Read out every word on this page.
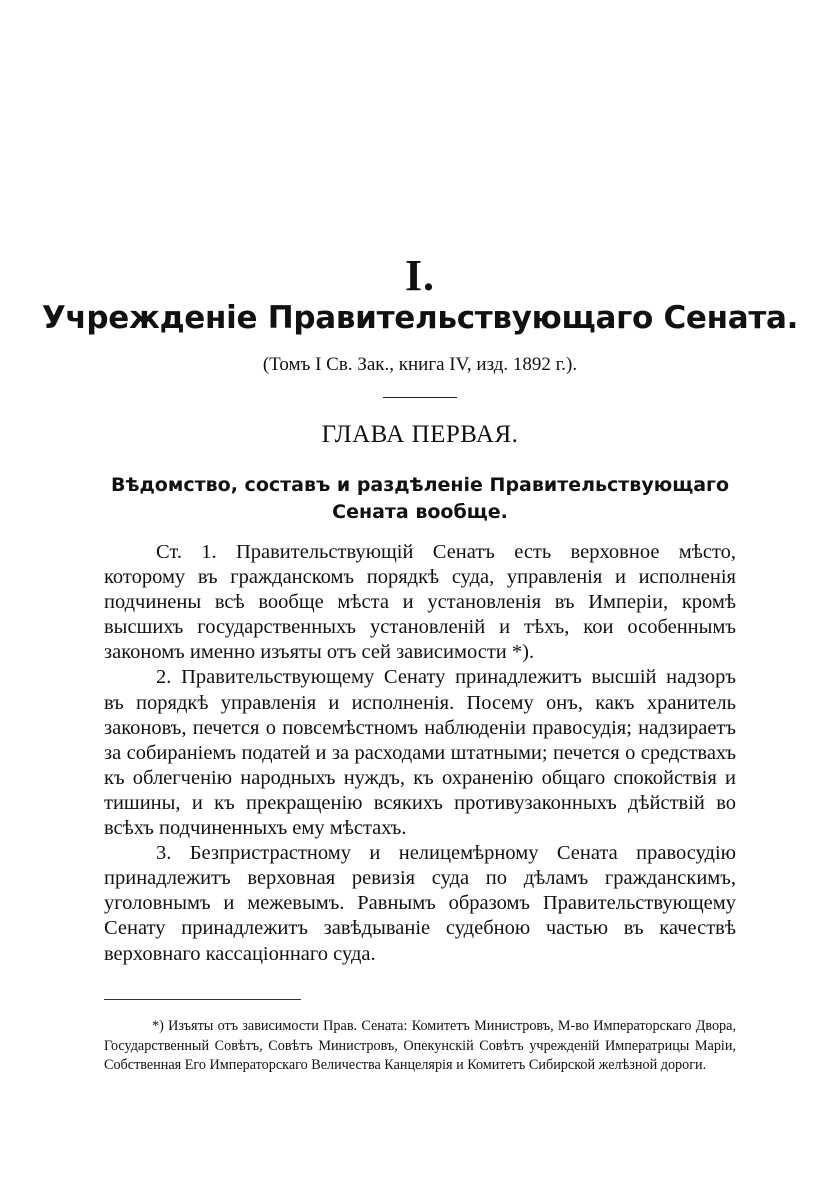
I.
Учрежденіе Правительствующаго Сената.
(Томъ I Св. Зак., книга IV, изд. 1892 г.).
ГЛАВА ПЕРВАЯ.
Вѣдомство, составъ и раздѣленіе Правительствующаго Сената вообще.

Ст. 1. Правительствующій Сенатъ есть верховное мѣсто, которому въ гражданскомъ порядкѣ суда, управленія и исполненія подчинены всѣ вообще мѣста и установленія въ Имперіи, кромѣ высшихъ государственныхъ установленій и тѣхъ, кои особеннымъ закономъ именно изъяты отъ сей зависимости *).

2. Правительствующему Сенату принадлежитъ высшій надзоръ въ порядкѣ управленія и исполненія. Посему онъ, какъ хранитель законовъ, печется о повсемѣстномъ наблюденіи правосудія; надзираетъ за собираніемъ податей и за расходами штатными; печется о средствахъ къ облегченію народныхъ нуждъ, къ охраненію общаго спокойствія и тишины, и къ прекращенію всякихъ противузаконныхъ дѣйствій во всѣхъ подчиненныхъ ему мѣстахъ.

3. Безпристрастному и нелицемѣрному Сената правосудію принадлежитъ верховная ревизія суда по дѣламъ гражданскимъ, уголовнымъ и межевымъ. Равнымъ образомъ Правительствующему Сенату принадлежитъ завѣдываніе судебною частью въ качествѣ верховнаго кассаціоннаго суда.

*) Изъяты отъ зависимости Прав. Сената: Комитетъ Министровъ, М-во Императорскаго Двора, Государственный Совѣтъ, Совѣтъ Министровъ, Опекунскій Совѣтъ учрежденій Императрицы Маріи, Собственная Его Императорскаго Величества Канцелярія и Комитетъ Сибирской желѣзной дороги.
